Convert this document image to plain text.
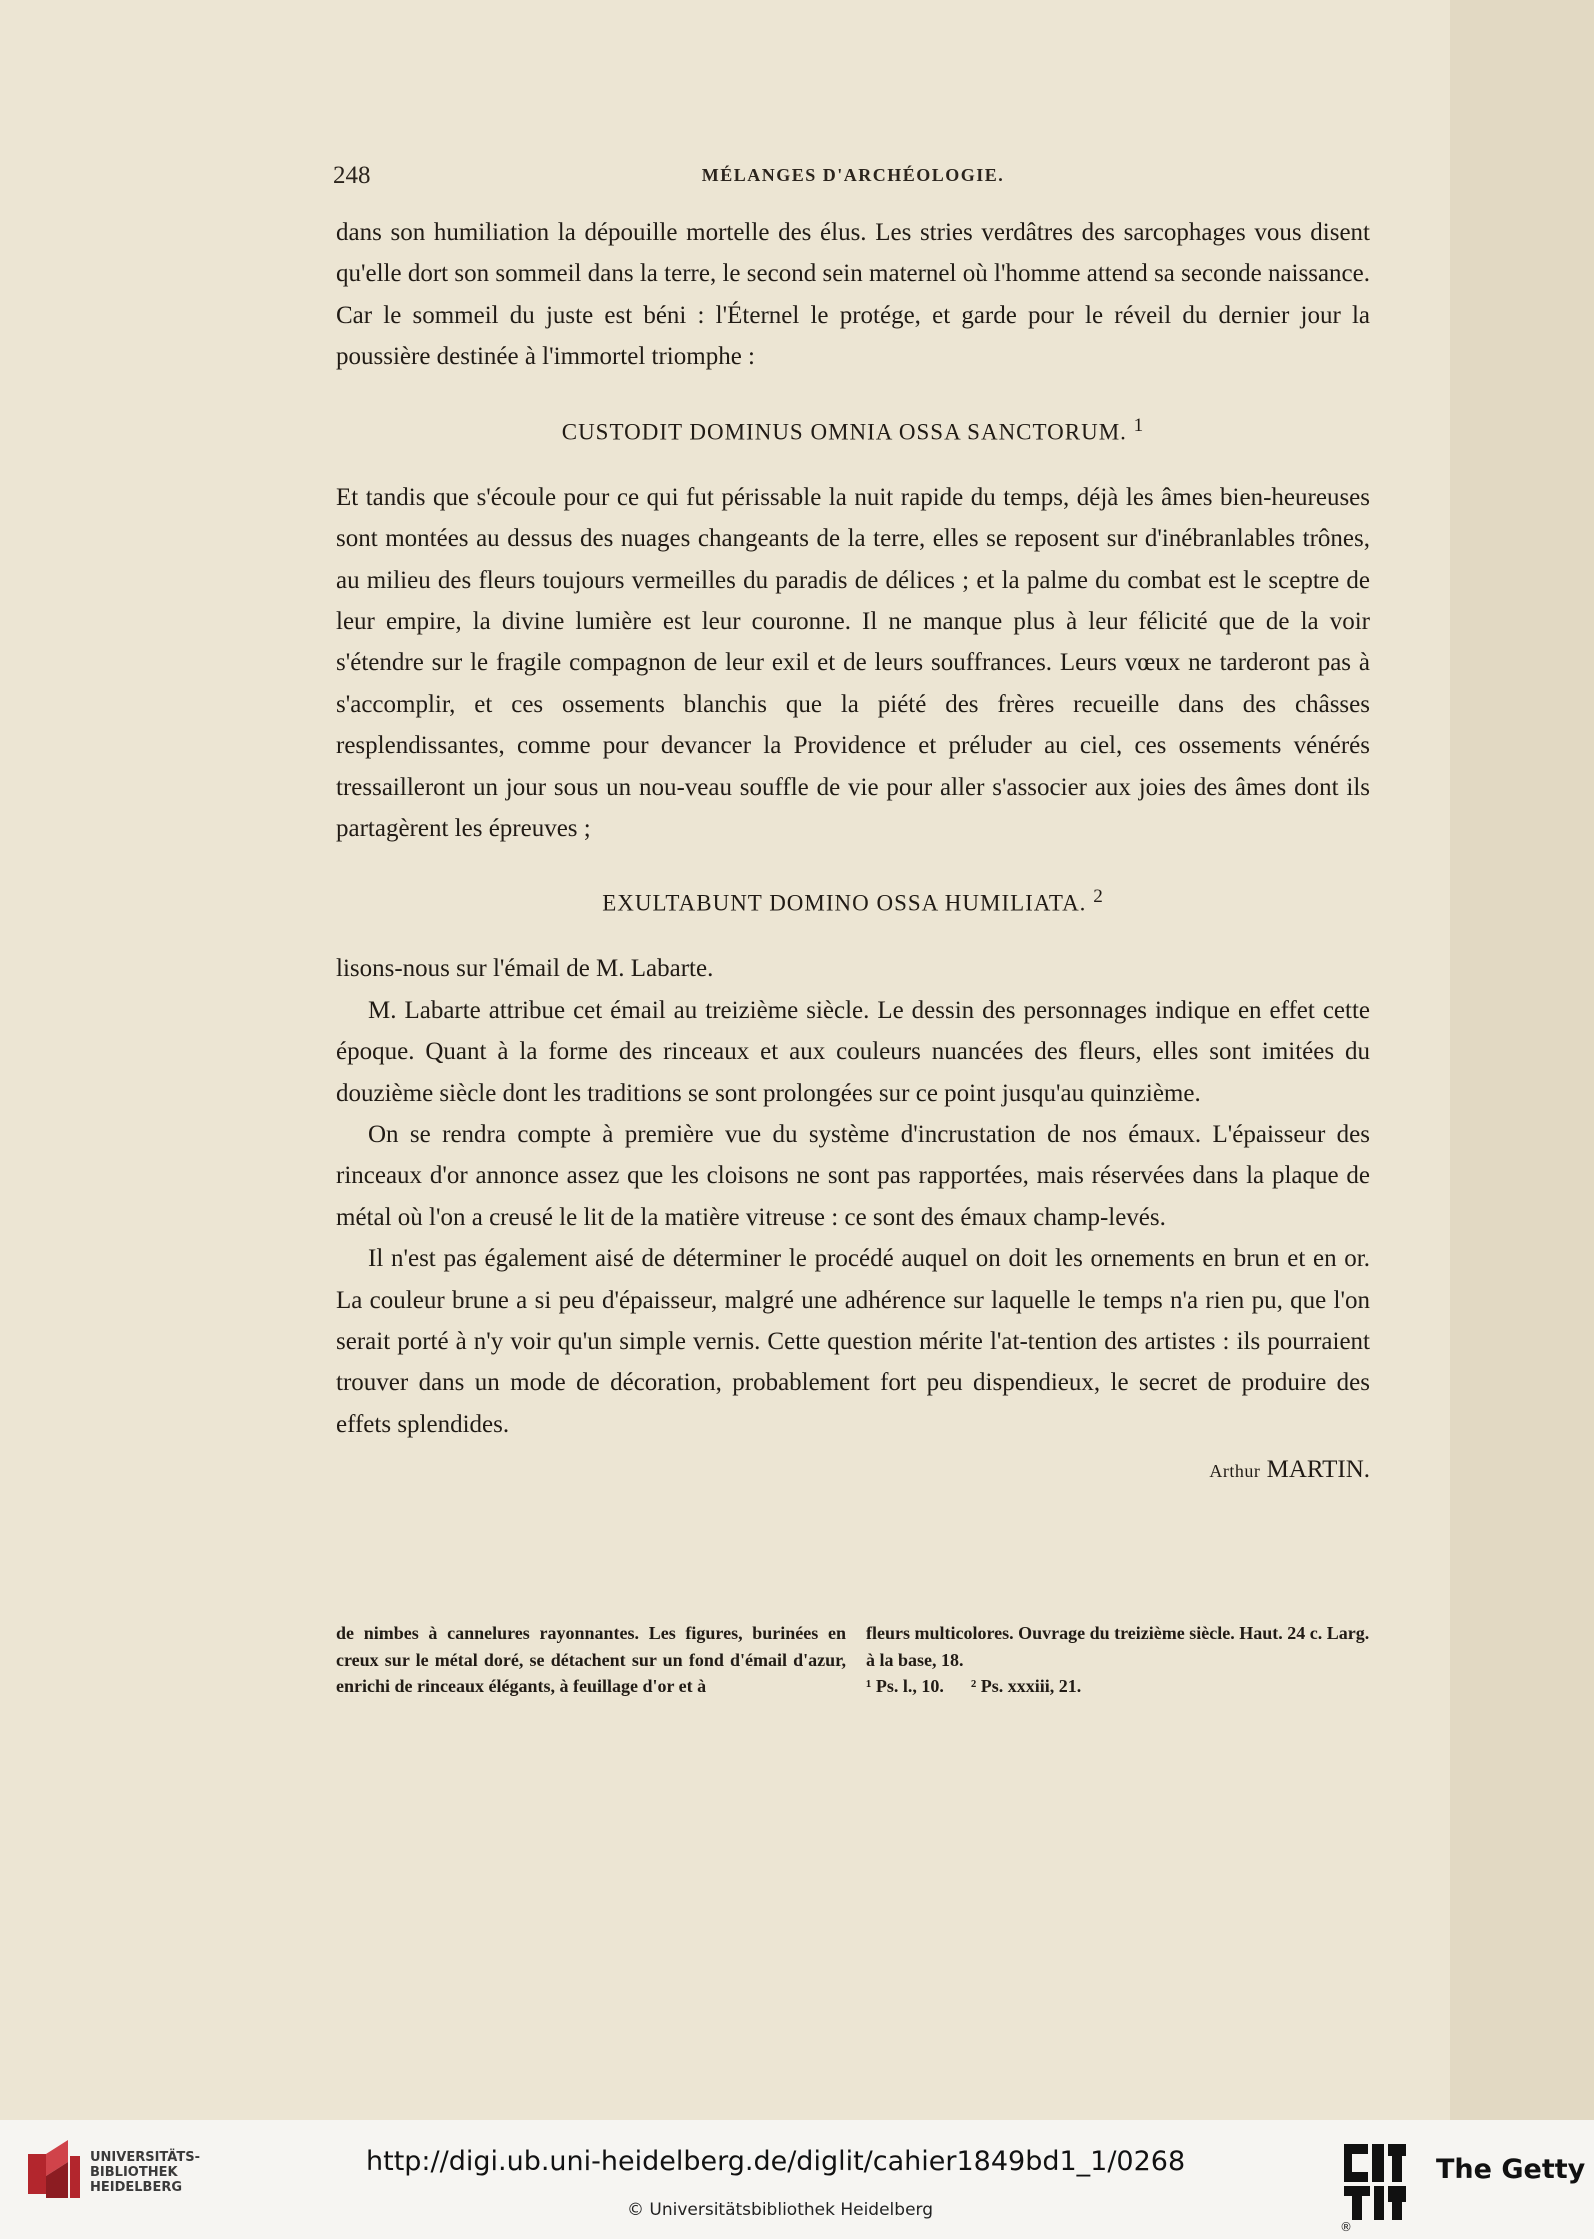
248	MÉLANGES D'ARCHÉOLOGIE.

dans son humiliation la dépouille mortelle des élus. Les stries verdâtres des sarcophages vous disent qu'elle dort son sommeil dans la terre, le second sein maternel où l'homme attend sa seconde naissance. Car le sommeil du juste est béni : l'Éternel le protége, et garde pour le réveil du dernier jour la poussière destinée à l'immortel triomphe :

CUSTODIT DOMINUS OMNIA OSSA SANCTORUM. $^1$

Et tandis que s'écoule pour ce qui fut périssable la nuit rapide du temps, déjà les âmes bien-heureuses sont montées au dessus des nuages changeants de la terre, elles se reposent sur d'inébranlables trônes, au milieu des fleurs toujours vermeilles du paradis de délices ; et la palme du combat est le sceptre de leur empire, la divine lumière est leur couronne. Il ne manque plus à leur félicité que de la voir s'étendre sur le fragile compagnon de leur exil et de leurs souffrances. Leurs vœux ne tarderont pas à s'accomplir, et ces ossements blanchis que la piété des frères recueille dans des châsses resplendissantes, comme pour devancer la Providence et préluder au ciel, ces ossements vénérés tressailleront un jour sous un nou-veau souffle de vie pour aller s'associer aux joies des âmes dont ils partagèrent les épreuves ;

EXULTABUNT DOMINO OSSA HUMILIATA. $^2$

lisons-nous sur l'émail de M. Labarte.

M. Labarte attribue cet émail au treizième siècle. Le dessin des personnages indique en effet cette époque. Quant à la forme des rinceaux et aux couleurs nuancées des fleurs, elles sont imitées du douzième siècle dont les traditions se sont prolongées sur ce point jusqu'au quinzième.

On se rendra compte à première vue du système d'incrustation de nos émaux. L'épaisseur des rinceaux d'or annonce assez que les cloisons ne sont pas rapportées, mais réservées dans la plaque de métal où l'on a creusé le lit de la matière vitreuse : ce sont des émaux champ-levés.

Il n'est pas également aisé de déterminer le procédé auquel on doit les ornements en brun et en or. La couleur brune a si peu d'épaisseur, malgré une adhérence sur laquelle le temps n'a rien pu, que l'on serait porté à n'y voir qu'un simple vernis. Cette question mérite l'at-tention des artistes : ils pourraient trouver dans un mode de décoration, probablement fort peu dispendieux, le secret de produire des effets splendides.

Arthur MARTIN.

de nimbes à cannelures rayonnantes. Les figures, burinées en creux sur le métal doré, se détachent sur un fond d'émail d'azur, enrichi de rinceaux élégants, à feuillage d'or et à

fleurs multicolores. Ouvrage du treizième siècle. Haut. 24 c. Larg. à la base, 18.

¹ Ps. l., 10. ² Ps. xxxiii, 21.

UNIVERSITÄTS-
BIBLIOTHEK
HEIDELBERG
http://digi.ub.uni-heidelberg.de/diglit/cahier1849bd1_1/0268
© Universitätsbibliothek Heidelberg
®
The Getty
